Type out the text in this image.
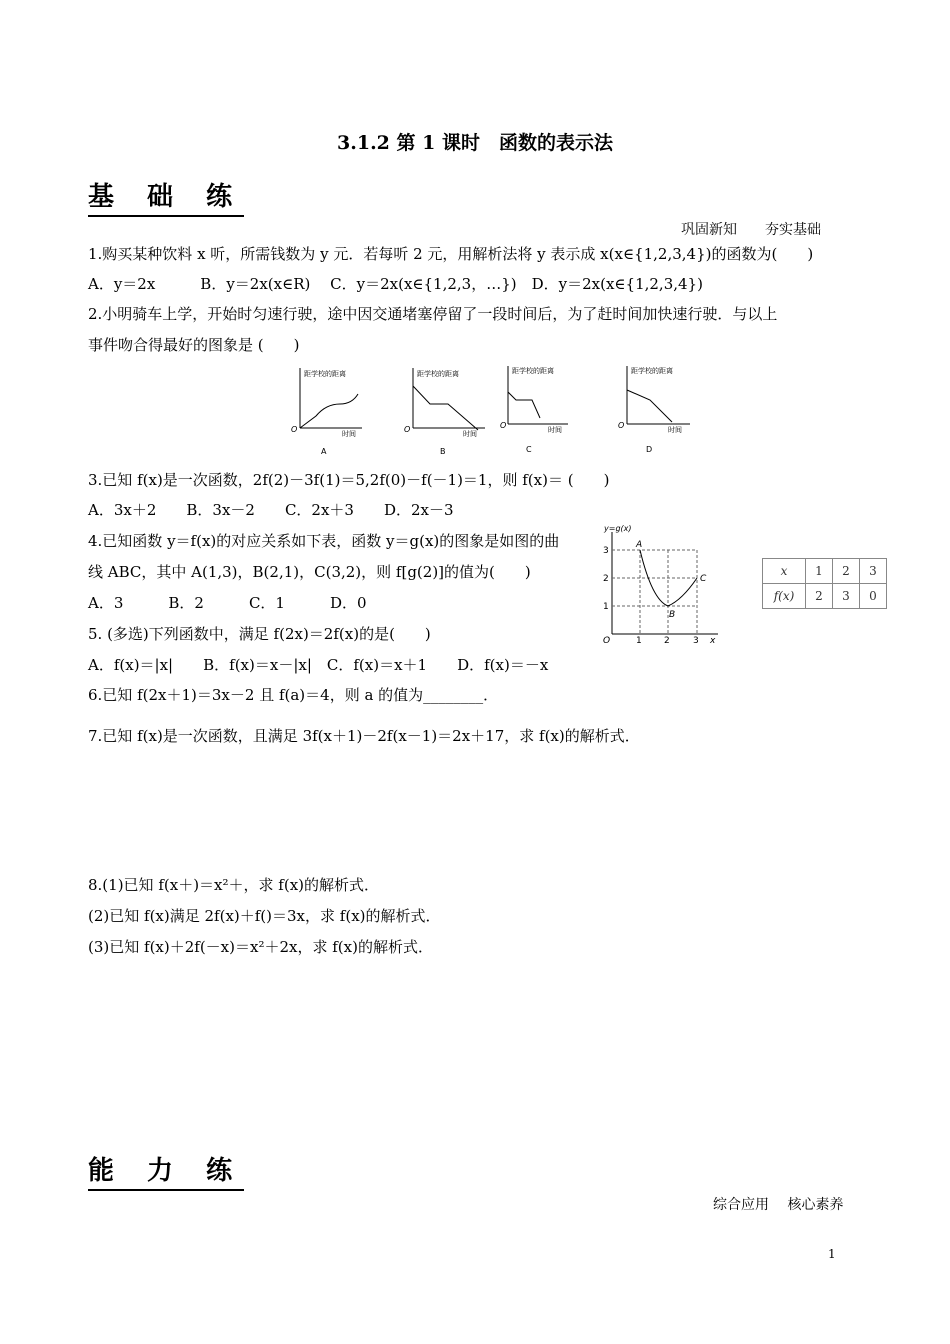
3.1.2 第 1 课时　函数的表示法
基 础 练
巩固新知　　夯实基础
1.购买某种饮料 x 听，所需钱数为 y 元．若每听 2 元，用解析法将 y 表示成 x(x∈{1,2,3,4})的函数为(　　)
A．y＝2x　　　B．y＝2x(x∈R)　 C．y＝2x(x∈{1,2,3，…})　D．y＝2x(x∈{1,2,3,4})
2.小明骑车上学，开始时匀速行驶，途中因交通堵塞停留了一段时间后，为了赶时间加快速行驶．与以上
事件吻合得最好的图象是 (　　)
距学校的距离
时间
O
A
距学校的距离
时间
O
B
距学校的距离
时间
O
C
距学校的距离
时间
O
D
3.已知 f(x)是一次函数，2f(2)－3f(1)＝5,2f(0)－f(－1)＝1，则 f(x)＝ (　　)
A．3x＋2　　B．3x－2　　C．2x＋3　　D．2x－3
4.已知函数 y＝f(x)的对应关系如下表，函数 y＝g(x)的图象是如图的曲
线 ABC，其中 A(1,3)，B(2,1)，C(3,2)，则 f[g(2)]的值为(　　)
A．3　　　B．2　　　C．1　　　D．0
y=g(x)
1 2	3
1
2
3
x
O
A
B
C
x	1	2	3
f(x)	2	3	0
5. (多选)下列函数中，满足 f(2x)＝2f(x)的是(　　)
A．f(x)＝|x|　　B．f(x)＝x－|x|　C．f(x)＝x＋1　　D．f(x)＝－x
6.已知 f(2x＋1)＝3x－2 且 f(a)＝4，则 a 的值为________．
7.已知 f(x)是一次函数，且满足 3f(x＋1)－2f(x－1)＝2x＋17，求 f(x)的解析式．
8.(1)已知 f(x＋)＝x²＋，求 f(x)的解析式．
(2)已知 f(x)满足 2f(x)＋f()＝3x，求 f(x)的解析式．
(3)已知 f(x)＋2f(－x)＝x²＋2x，求 f(x)的解析式．
能 力 练
综合应用　 核心素养
1
